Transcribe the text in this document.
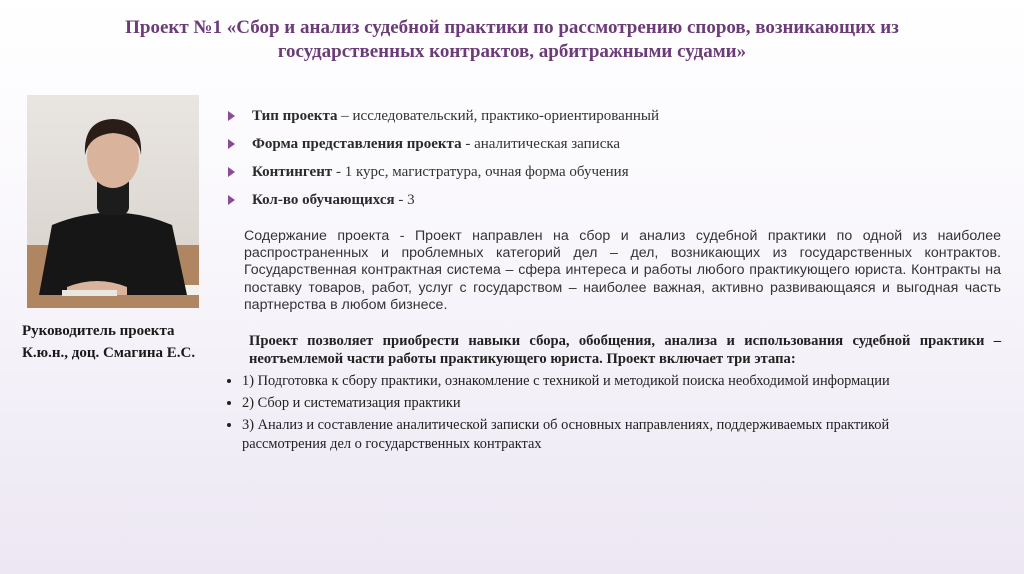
Проект №1 «Сбор и анализ судебной практики по рассмотрению споров, возникающих из государственных контрактов, арбитражными судами»
Руководитель проекта
К.ю.н., доц. Смагина Е.С.
Тип проекта – исследовательский, практико-ориентированный
Форма представления проекта - аналитическая записка
Контингент - 1 курс, магистратура, очная форма обучения
Кол-во обучающихся - 3
Содержание проекта - Проект направлен на сбор и анализ судебной практики по одной из наиболее распространенных и проблемных категорий дел – дел, возникающих из государственных контрактов. Государственная контрактная система – сфера интереса и работы любого практикующего юриста. Контракты на поставку товаров, работ, услуг с государством – наиболее важная, активно развивающаяся и выгодная часть партнерства в любом бизнесе.
Проект позволяет приобрести навыки сбора, обобщения, анализа и использования судебной практики – неотъемлемой части работы практикующего юриста. Проект включает три этапа:
1) Подготовка к сбору практики, ознакомление с техникой и методикой поиска необходимой информации
2) Сбор и систематизация практики
3) Анализ и составление аналитической записки об основных направлениях, поддерживаемых практикой рассмотрения дел о государственных контрактах
